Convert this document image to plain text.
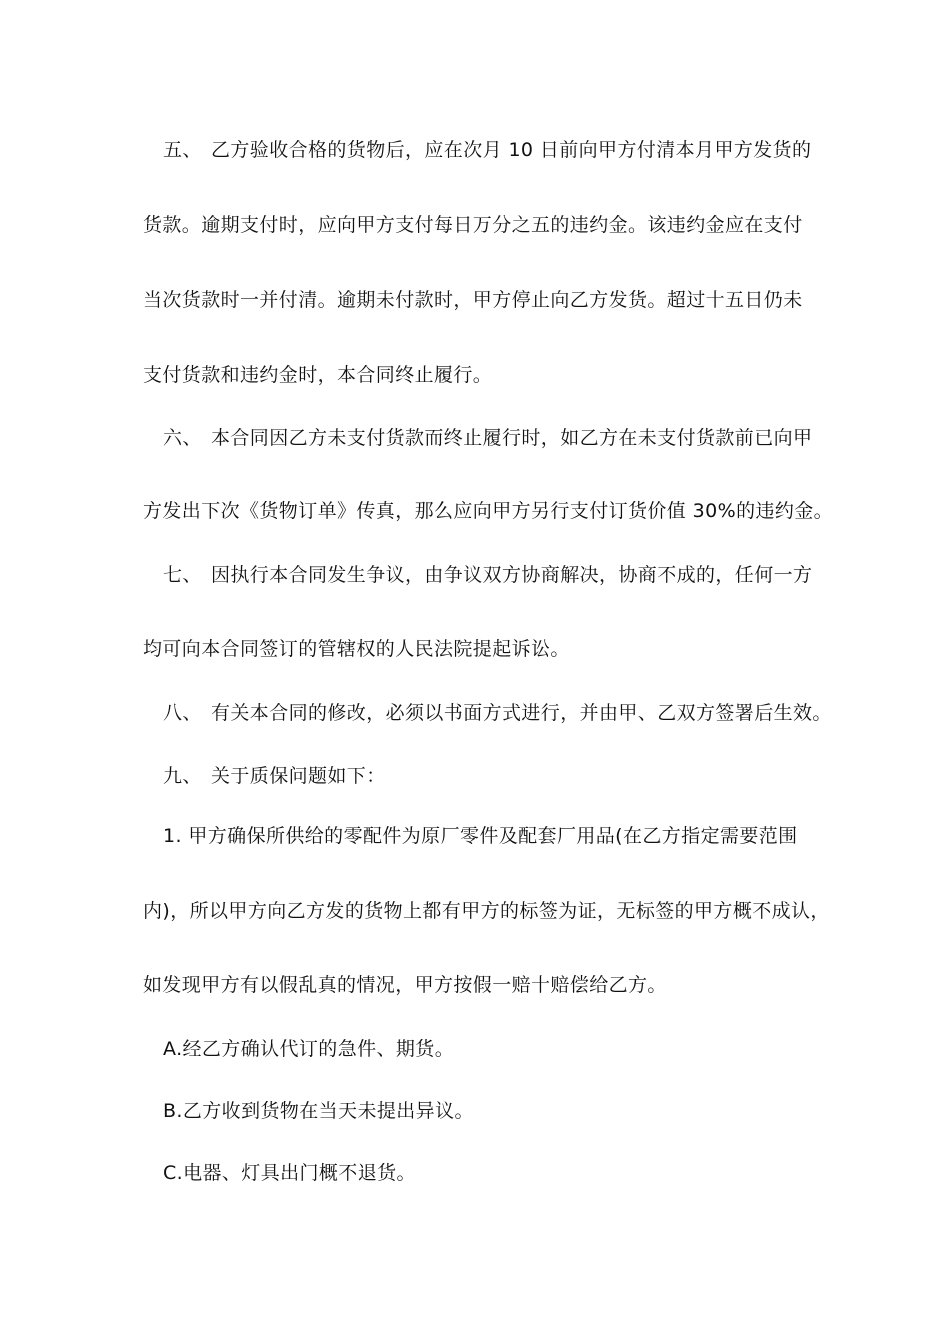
五、 乙方验收合格的货物后，应在次月 10 日前向甲方付清本月甲方发货的
货款。逾期支付时，应向甲方支付每日万分之五的违约金。该违约金应在支付
当次货款时一并付清。逾期未付款时，甲方停止向乙方发货。超过十五日仍未
支付货款和违约金时，本合同终止履行。
六、 本合同因乙方未支付货款而终止履行时，如乙方在未支付货款前已向甲
方发出下次《货物订单》传真，那么应向甲方另行支付订货价值 30%的违约金。
七、 因执行本合同发生争议，由争议双方协商解决，协商不成的，任何一方
均可向本合同签订的管辖权的人民法院提起诉讼。
八、 有关本合同的修改，必须以书面方式进行，并由甲、乙双方签署后生效。
九、 关于质保问题如下：
1. 甲方确保所供给的零配件为原厂零件及配套厂用品(在乙方指定需要范围
内)，所以甲方向乙方发的货物上都有甲方的标签为证，无标签的甲方概不成认，
如发现甲方有以假乱真的情况，甲方按假一赔十赔偿给乙方。
A.经乙方确认代订的急件、期货。
B.乙方收到货物在当天未提出异议。
C.电器、灯具出门概不退货。
